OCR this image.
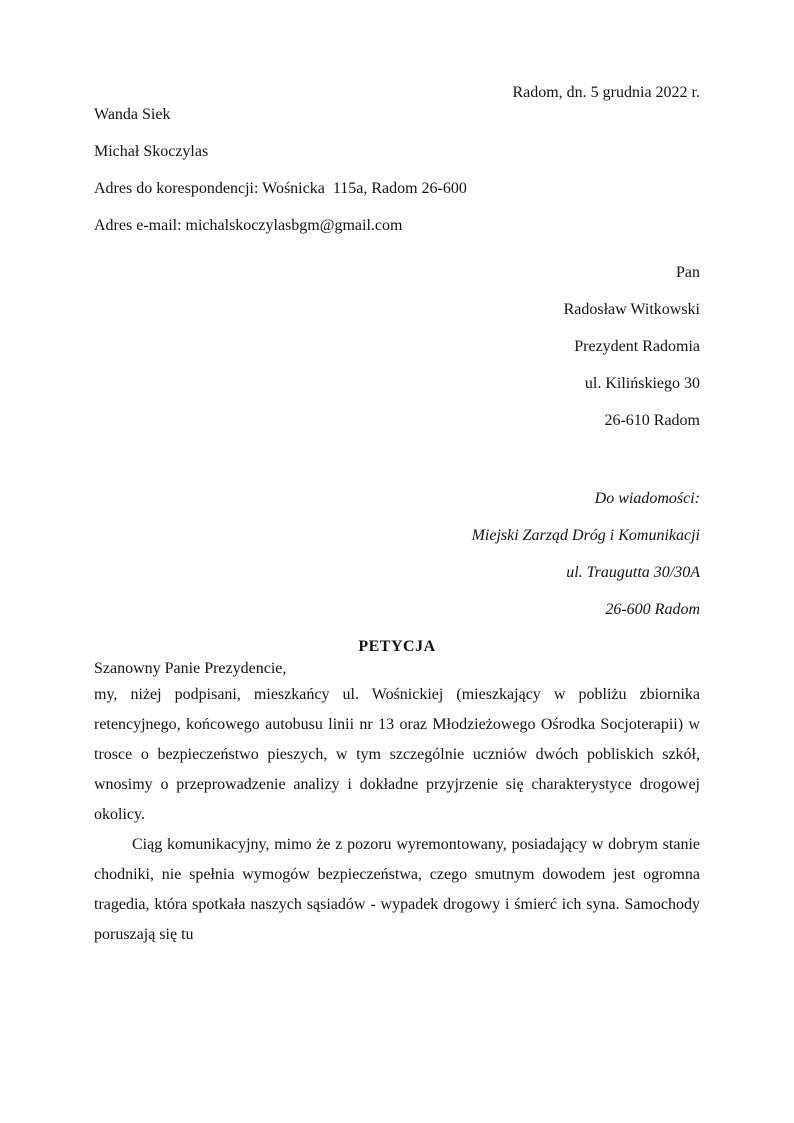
Radom, dn. 5 grudnia 2022 r.

Wanda Siek

Michał Skoczylas

Adres do korespondencji: Wośnicka  115a, Radom 26-600

Adres e-mail: michalskoczylasbgm@gmail.com

Pan

Radosław Witkowski

Prezydent Radomia

ul. Kilińskiego 30

26-610 Radom

Do wiadomości:

Miejski Zarząd Dróg i Komunikacji

ul. Traugutta 30/30A

26-600 Radom

PETYCJA

Szanowny Panie Prezydencie,

my, niżej podpisani, mieszkańcy ul. Wośnickiej (mieszkający w pobliżu zbiornika retencyjnego, końcowego autobusu linii nr 13 oraz Młodzieżowego Ośrodka Socjoterapii) w trosce o bezpieczeństwo pieszych, w tym szczególnie uczniów dwóch pobliskich szkół, wnosimy o przeprowadzenie analizy i dokładne przyjrzenie się charakterystyce drogowej okolicy.

Ciąg komunikacyjny, mimo że z pozoru wyremontowany, posiadający w dobrym stanie chodniki, nie spełnia wymogów bezpieczeństwa, czego smutnym dowodem jest ogromna tragedia, która spotkała naszych sąsiadów - wypadek drogowy i śmierć ich syna. Samochody poruszają się tu
